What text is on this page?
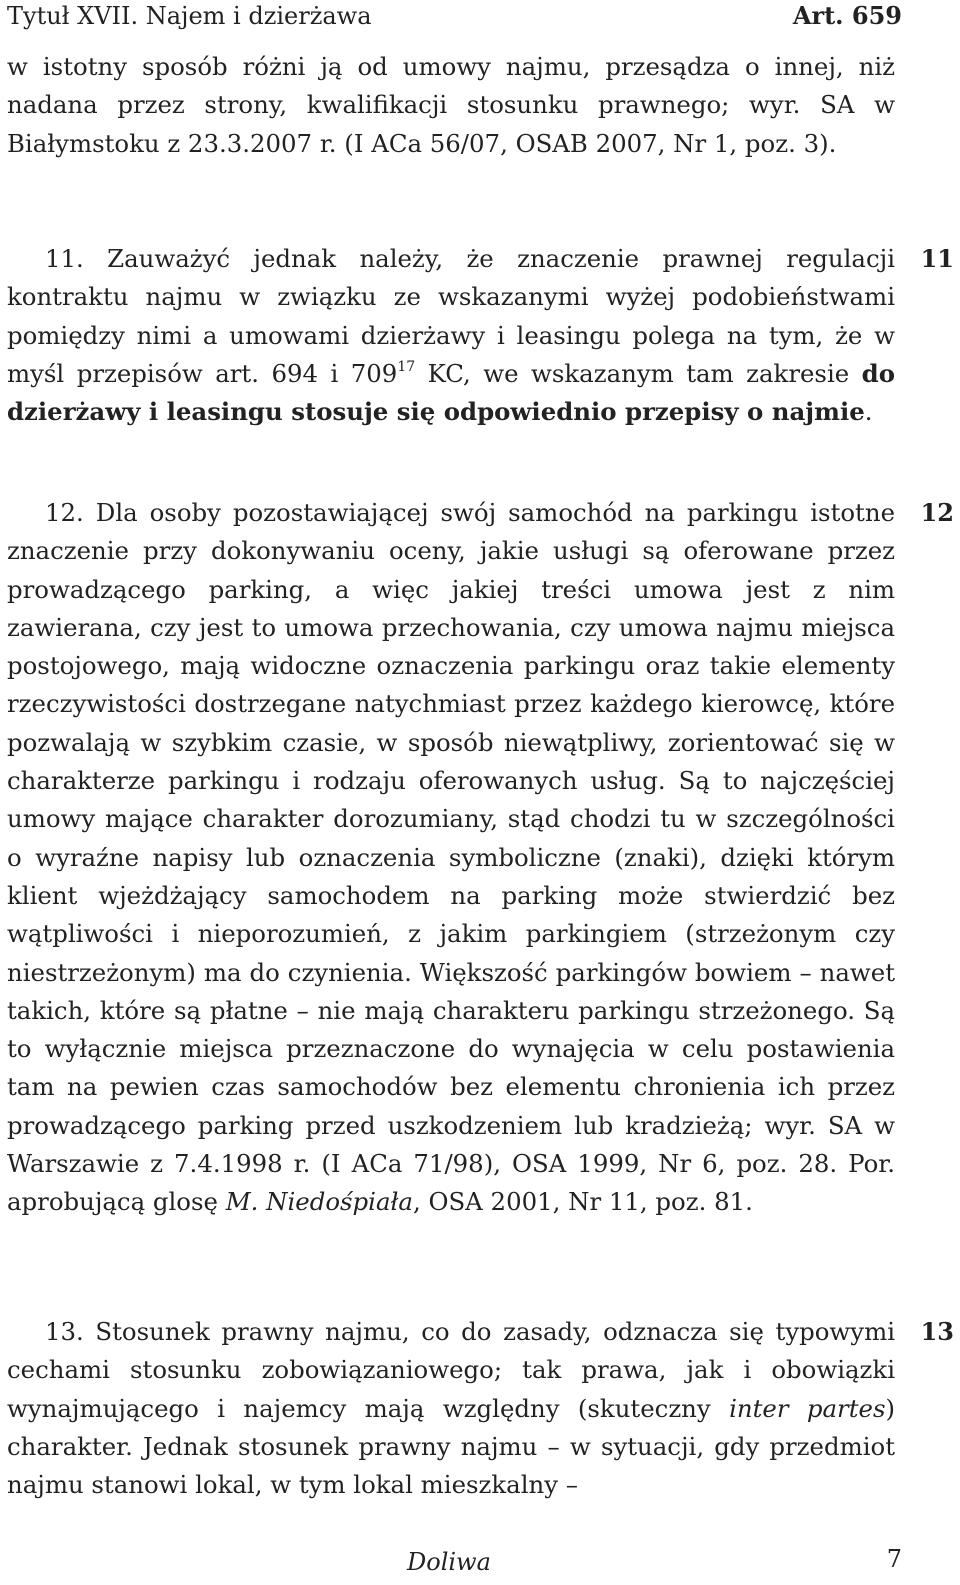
Tytuł XVII. Najem i dzierżawa	Art. 659
w istotny sposób różni ją od umowy najmu, przesądza o innej, niż nadana przez strony, kwalifikacji stosunku prawnego; wyr. SA w Białymstoku z 23.3.2007 r. (I ACa 56/07, OSAB 2007, Nr 1, poz. 3).
11
11. Zauważyć jednak należy, że znaczenie prawnej regulacji kontraktu najmu w związku ze wskazanymi wyżej podobieństwami pomiędzy nimi a umowami dzierżawy i leasingu polega na tym, że w myśl przepisów art. 694 i $709^{17}$ KC, we wskazanym tam zakresie do dzierżawy i leasingu stosuje się odpowiednio przepisy o najmie.
12
12. Dla osoby pozostawiającej swój samochód na parkingu istotne znaczenie przy dokonywaniu oceny, jakie usługi są oferowane przez prowadzącego parking, a więc jakiej treści umowa jest z nim zawierana, czy jest to umowa przechowania, czy umowa najmu miejsca postojowego, mają widoczne oznaczenia parkingu oraz takie elementy rzeczywistości dostrzegane natychmiast przez każdego kierowcę, które pozwalają w szybkim czasie, w sposób niewątpliwy, zorientować się w charakterze parkingu i rodzaju oferowanych usług. Są to najczęściej umowy mające charakter dorozumiany, stąd chodzi tu w szczególności o wyraźne napisy lub oznaczenia symboliczne (znaki), dzięki którym klient wjeżdżający samochodem na parking może stwierdzić bez wątpliwości i nieporozumień, z jakim parkingiem (strzeżonym czy niestrzeżonym) ma do czynienia. Większość parkingów bowiem – nawet takich, które są płatne – nie mają charakteru parkingu strzeżonego. Są to wyłącznie miejsca przeznaczone do wynajęcia w celu postawienia tam na pewien czas samochodów bez elementu chronienia ich przez prowadzącego parking przed uszkodzeniem lub kradzieżą; wyr. SA w Warszawie z 7.4.1998 r. (I ACa 71/98), OSA 1999, Nr 6, poz. 28. Por. aprobującą glosę M. Niedośpiała, OSA 2001, Nr 11, poz. 81.
13
13. Stosunek prawny najmu, co do zasady, odznacza się typowymi cechami stosunku zobowiązaniowego; tak prawa, jak i obowiązki wynajmującego i najemcy mają względny (skuteczny inter partes) charakter. Jednak stosunek prawny najmu – w sytuacji, gdy przedmiot najmu stanowi lokal, w tym lokal mieszkalny –
Doliwa	7
